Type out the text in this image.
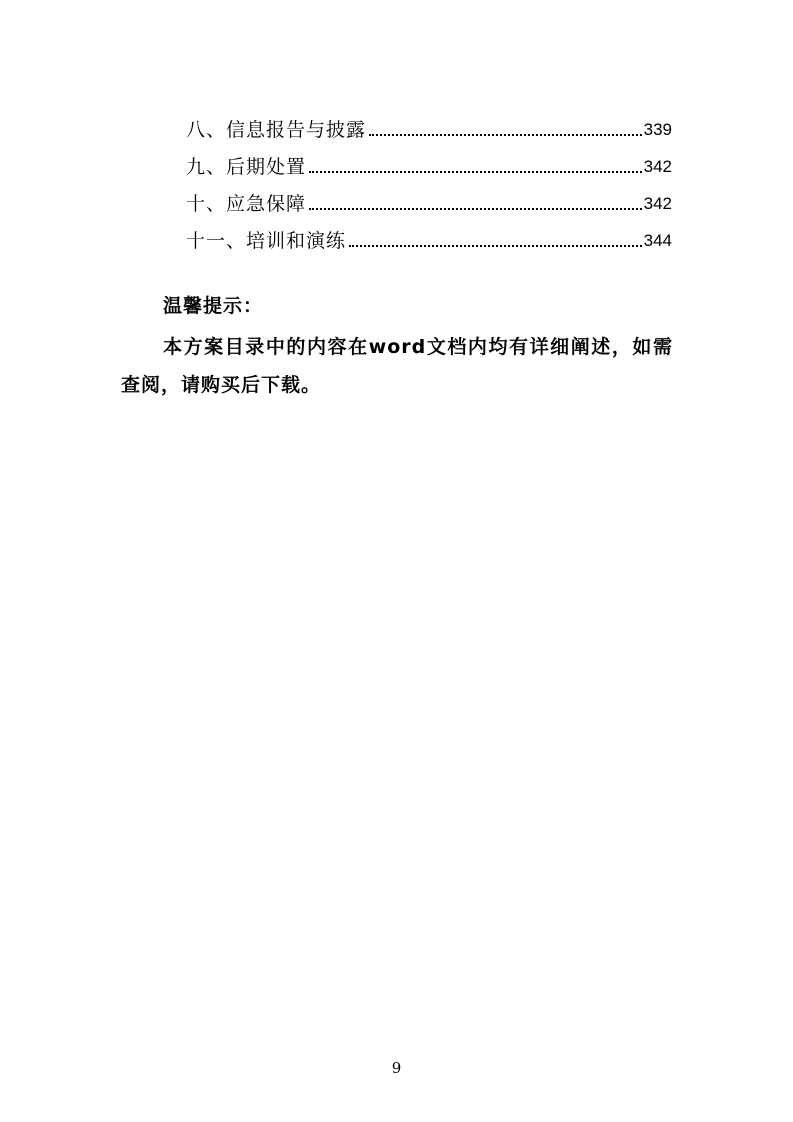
八、信息报告与披露	339
九、后期处置	342
十、应急保障	342
十一、培训和演练	344
温馨提示：
本方案目录中的内容在word文档内均有详细阐述，如需查阅，请购买后下载。
9
